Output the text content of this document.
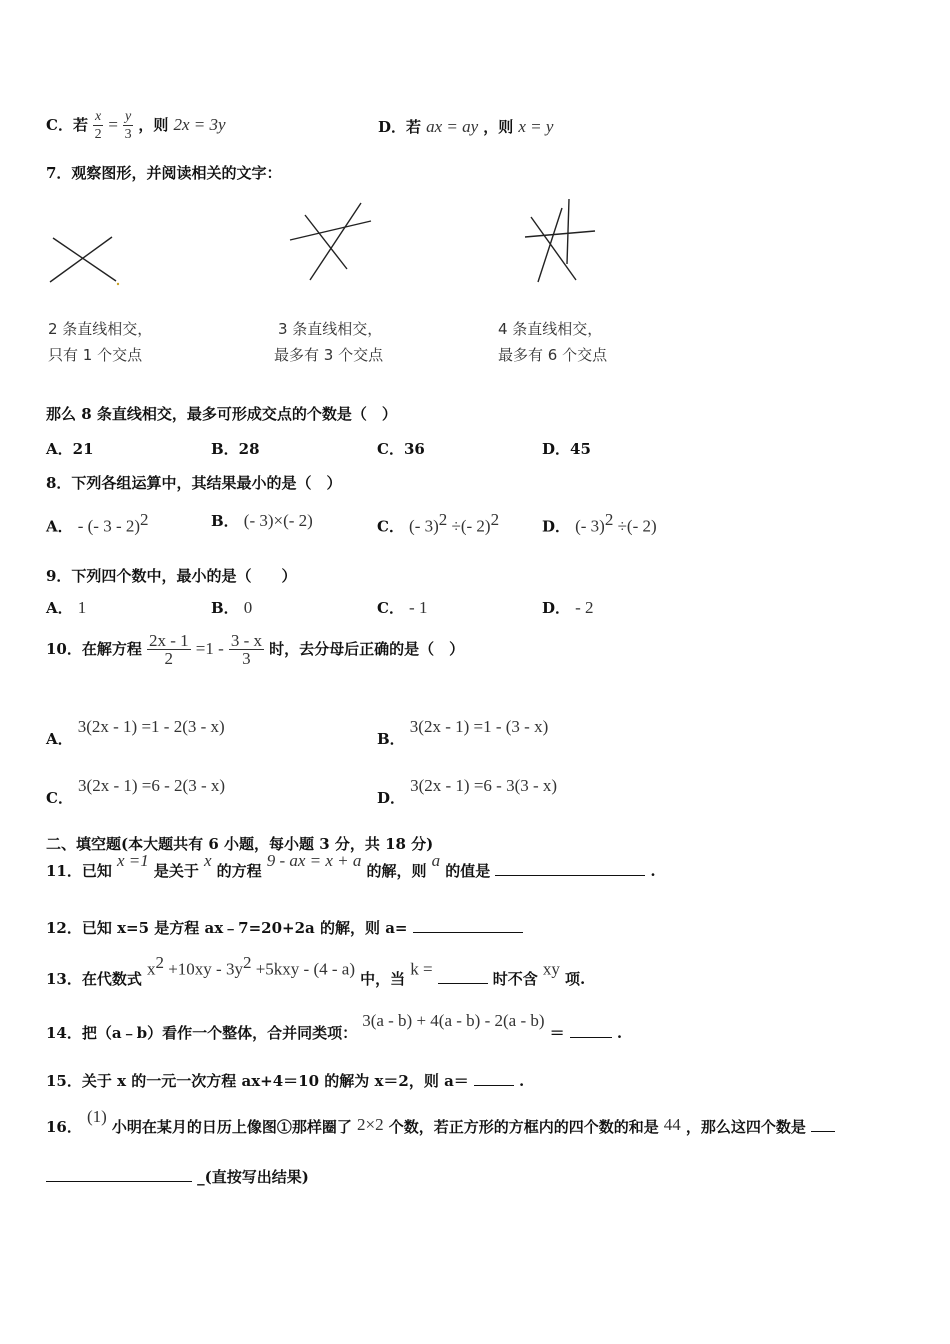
C．若 $\frac{x}{2} = \frac{y}{3}$ ，则 2x = 3y	D．若 ax = ay ，则 x = y
7．观察图形，并阅读相关的文字：
2 条直线相交，
只有 1 个交点
3 条直线相交，
最多有 3 个交点
4 条直线相交，
最多有 6 个交点
那么 8 条直线相交，最多可形成交点的个数是（　）
A．21	B．28	C．36	D．45
8．下列各组运算中，其结果最小的是（　）
A． - (- 3 - 2)$^2$	B． (- 3)×(- 2)	C． (- 3)$^2$ ÷(- 2)$^2$	D． (- 3)$^2$ ÷(- 2)
9．下列四个数中，最小的是（　　）
A． 1	B． 0	C． - 1	D． - 2
10．在解方程 $\frac{2x - 1}{2} =1 - \frac{3 - x}{3}$ 时，去分母后正确的是（　）
A． 3(2x - 1) =1 - 2(3 - x)
B． 3(2x - 1) =1 - (3 - x)
C． 3(2x - 1) =6 - 2(3 - x)
D． 3(2x - 1) =6 - 3(3 - x)
二、填空题(本大题共有 6 小题，每小题 3 分，共 18 分)
11．已知 x =1 是关于 x 的方程 9 - ax = x + a 的解，则 a 的值是	.
12．已知 x=5 是方程 ax﹣7=20+2a 的解，则 a=
13．在代数式 $x^2 +10xy - 3y^2 +5kxy - (4 - a)$ 中，当 k =  时不含 xy 项.
14．把（a﹣b）看作一个整体，合并同类项： 3(a - b) + 4(a - b) - 2(a - b) ＝	.
15．关于 x 的一元一次方程 ax+4＝10 的解为 x＝2，则 a＝	.
16． (1) 小明在某月的日历上像图①那样圈了 2×2 个数，若正方形的方框内的四个数的和是 44 ，那么这四个数是
_(直按写出结果)
